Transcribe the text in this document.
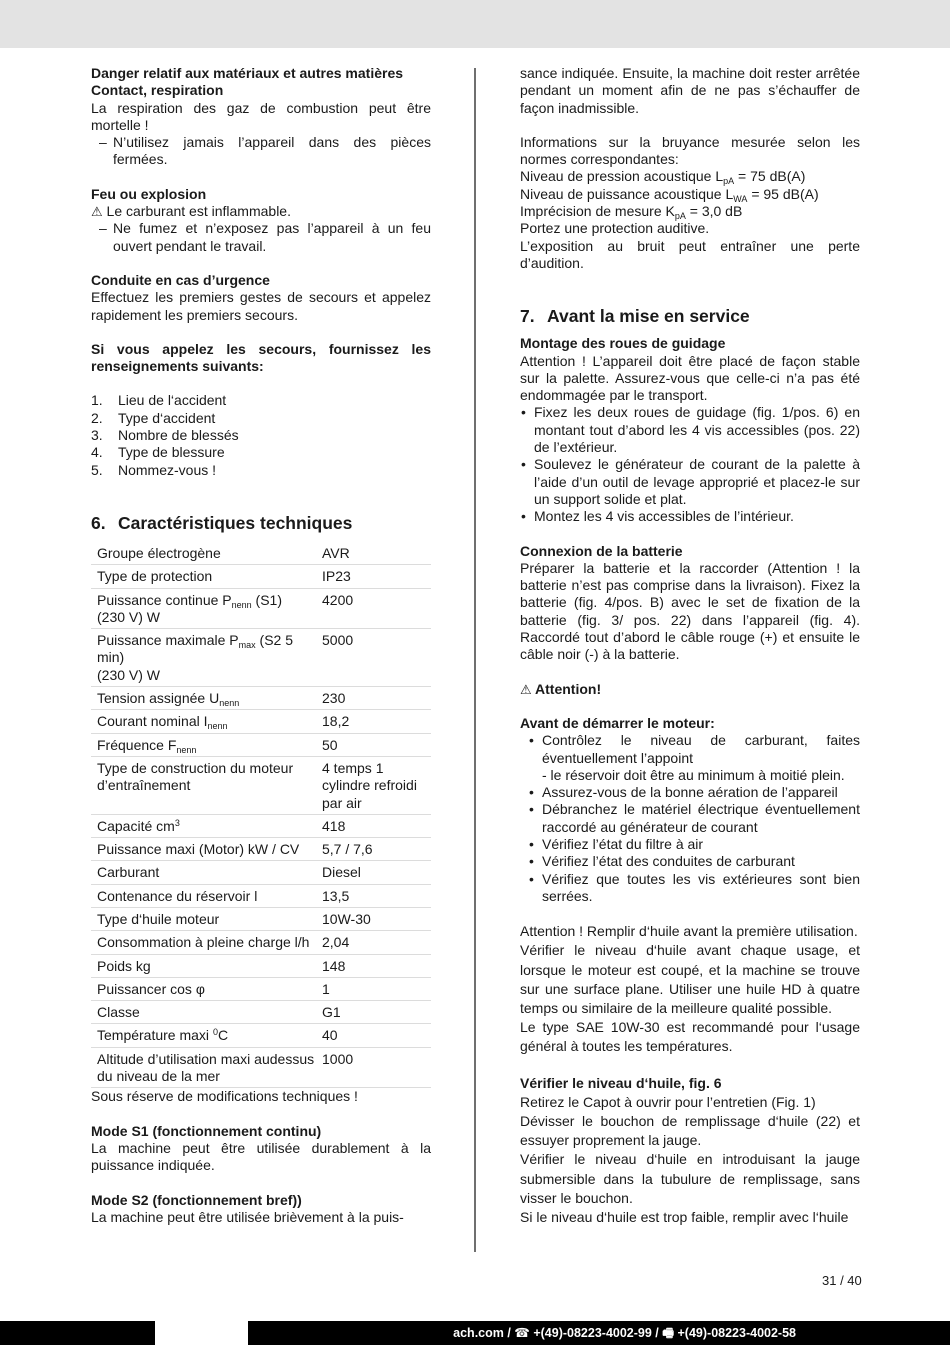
Danger relatif aux matériaux et autres matières

Contact, respiration

La respiration des gaz de combustion peut être mortelle !

– N’utilisez jamais l’appareil dans des pièces fermées.

Feu ou explosion

⚠ Le carburant est inflammable.

– Ne fumez et n’exposez pas l’appareil à un feu ouvert pendant le travail.

Conduite en cas d’urgence

Effectuez les premiers gestes de secours et appelez rapidement les premiers secours.

Si vous appelez les secours, fournissez les renseignements suivants:

1. Lieu de l‘accident
2. Type d‘accident
3. Nombre de blessés
4. Type de blessure
5. Nommez-vous !
6. Caractéristiques techniques
Groupe électrogène	AVR
Type de protection	IP23
Puissance continue $P_{nenn}$ (S1)
(230 V) W	4200
Puissance maximale $P_{max}$ (S2 5 min)
(230 V) W	5000
Tension assignée $U_{nenn}$	230
Courant nominal $I_{nenn}$	18,2
Fréquence $F_{nenn}$	50
Type de construction du moteur d’entraînement	4 temps 1 cylindre refroidi par air
Capacité $cm^3$	418
Puissance maxi (Motor) kW / CV	5,7 / 7,6
Carburant	Diesel
Contenance du réservoir l	13,5
Type d‘huile moteur	10W-30
Consommation à pleine charge l/h	2,04
Poids kg	148
Puissancer cos φ	1
Classe	G1
Température maxi $^0$C	40
Altitude d’utilisation maxi audessus du niveau de la mer	1000

Sous réserve de modifications techniques !

Mode S1 (fonctionnement continu)

La machine peut être utilisée durablement à la puissance indiquée.

Mode S2 (fonctionnement bref))

La machine peut être utilisée brièvement à la puis-

sance indiquée. Ensuite, la machine doit rester arrêtée pendant un moment afin de ne pas s’échauffer de façon inadmissible.

Informations sur la bruyance mesurée selon les normes correspondantes:

Niveau de pression acoustique $L_{pA} = 75$ dB(A)

Niveau de puissance acoustique $L_{WA} = 95$ dB(A)

Imprécision de mesure $K_{pA} = 3,0$ dB

Portez une protection auditive.

L’exposition au bruit peut entraîner une perte d’audition.

7. Avant la mise en service

Montage des roues de guidage

Attention ! L’appareil doit être placé de façon stable sur la palette. Assurez-vous que celle-ci n’a pas été endommagée par le transport.

• Fixez les deux roues de guidage (fig. 1/pos. 6) en montant tout d’abord les 4 vis accessibles (pos. 22) de l’extérieur.
• Soulevez le générateur de courant de la palette à l’aide d’un outil de levage approprié et placez-le sur un support solide et plat.
• Montez les 4 vis accessibles de l’intérieur.

Connexion de la batterie

Préparer la batterie et la raccorder (Attention ! la batterie n’est pas comprise dans la livraison). Fixez la batterie (fig. 4/pos. B) avec le set de fixation de la batterie (fig. 3/ pos. 22) dans l’appareil (fig. 4). Raccordé tout d’abord le câble rouge (+) et ensuite le câble noir (-) à la batterie.

⚠ Attention!

Avant de démarrer le moteur:

• Contrôlez le niveau de carburant, faites éventuellement l’appoint
- le réservoir doit être au minimum à moitié plein.
• Assurez-vous de la bonne aération de l’appareil
• Débranchez le matériel électrique éventuellement raccordé au générateur de courant
• Vérifiez l’état du filtre à air
• Vérifiez l’état des conduites de carburant
• Vérifiez que toutes les vis extérieures sont bien serrées.

Attention ! Remplir d‘huile avant la première utilisation.

Vérifier le niveau d‘huile avant chaque usage, et lorsque le moteur est coupé, et la machine se trouve sur une surface plane. Utiliser une huile HD à quatre temps ou similaire de la meilleure qualité possible.

Le type SAE 10W-30 est recommandé pour l‘usage général à toutes les températures.

Vérifier le niveau d‘huile, fig. 6

Retirez le Capot à ouvrir pour l’entretien (Fig. 1)

Dévisser le bouchon de remplissage d‘huile (22) et essuyer proprement la jauge.

Vérifier le niveau d‘huile en introduisant la jauge submersible dans la tubulure de remplissage, sans visser le bouchon.

Si le niveau d‘huile est trop faible, remplir avec l‘huile

31 / 40
ach.com / ☎ +(49)-08223-4002-99 / 🖷 +(49)-08223-4002-58
